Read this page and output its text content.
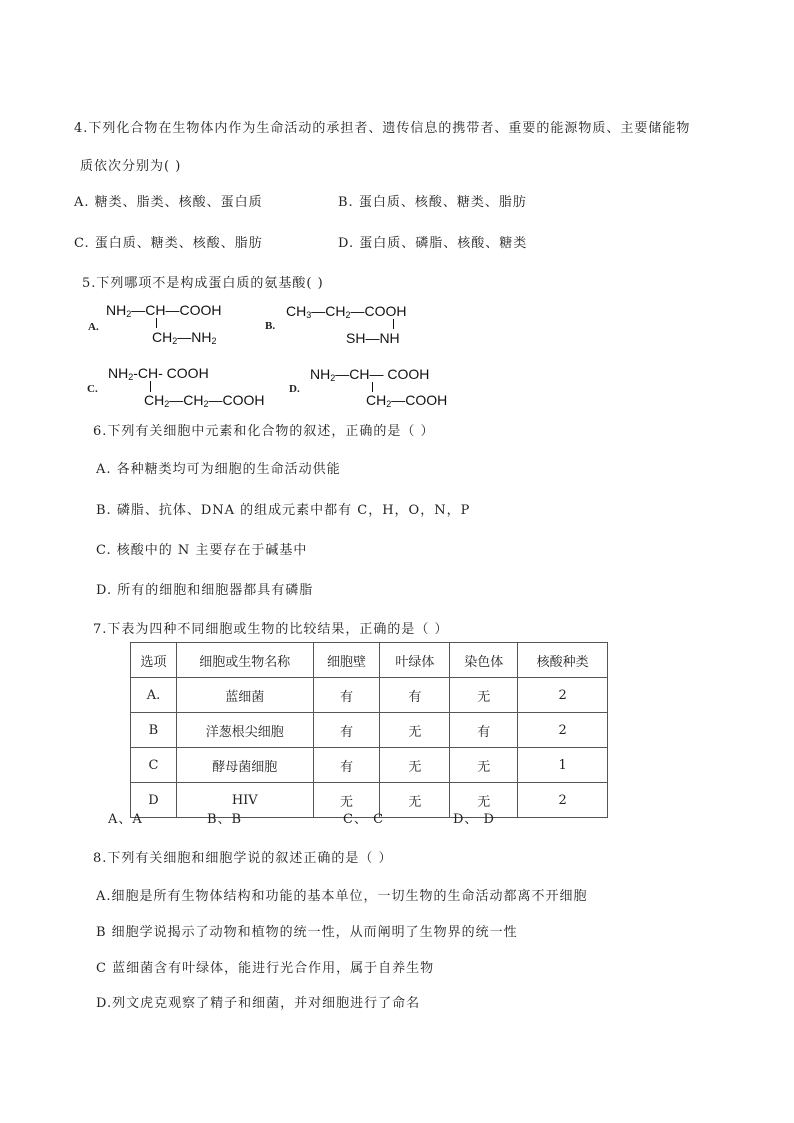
4.下列化合物在生物体内作为生命活动的承担者、遗传信息的携带者、重要的能源物质、主要储能物
质依次分别为( )
A. 糖类、脂类、核酸、蛋白质	B. 蛋白质、核酸、糖类、脂肪
C. 蛋白质、糖类、核酸、脂肪	D. 蛋白质、磷脂、核酸、糖类
5.下列哪项不是构成蛋白质的氨基酸( )
A.
$NH_2—CH—COOH$
$CH_2—NH_2$
B.
$CH_3—CH_2—COOH$
SH—NH
C.
$NH_2-CH-$ COOH
$CH_2—CH_2—COOH$
D.
$NH_2—CH—$ COOH
$CH_2—COOH$
6.下列有关细胞中元素和化合物的叙述，正确的是（ ）
A. 各种糖类均可为细胞的生命活动供能
B. 磷脂、抗体、DNA 的组成元素中都有 C，H，O，N，P
C. 核酸中的 N 主要存在于碱基中
D. 所有的细胞和细胞器都具有磷脂
7.下表为四种不同细胞或生物的比较结果，正确的是（ ）
选项	细胞或生物名称	细胞壁	叶绿体	染色体	核酸种类
A.	蓝细菌	有	有	无	2
B	洋葱根尖细胞	有	无	有	2
C	酵母菌细胞	有	无	无	1
D	HIV	无	无	无	2
A、A	B、B	C、 C	D、 D
8.下列有关细胞和细胞学说的叙述正确的是（ ）
A.细胞是所有生物体结构和功能的基本单位，一切生物的生命活动都离不开细胞
B 细胞学说揭示了动物和植物的统一性，从而阐明了生物界的统一性
C 蓝细菌含有叶绿体，能进行光合作用，属于自养生物
D.列文虎克观察了精子和细菌，并对细胞进行了命名
